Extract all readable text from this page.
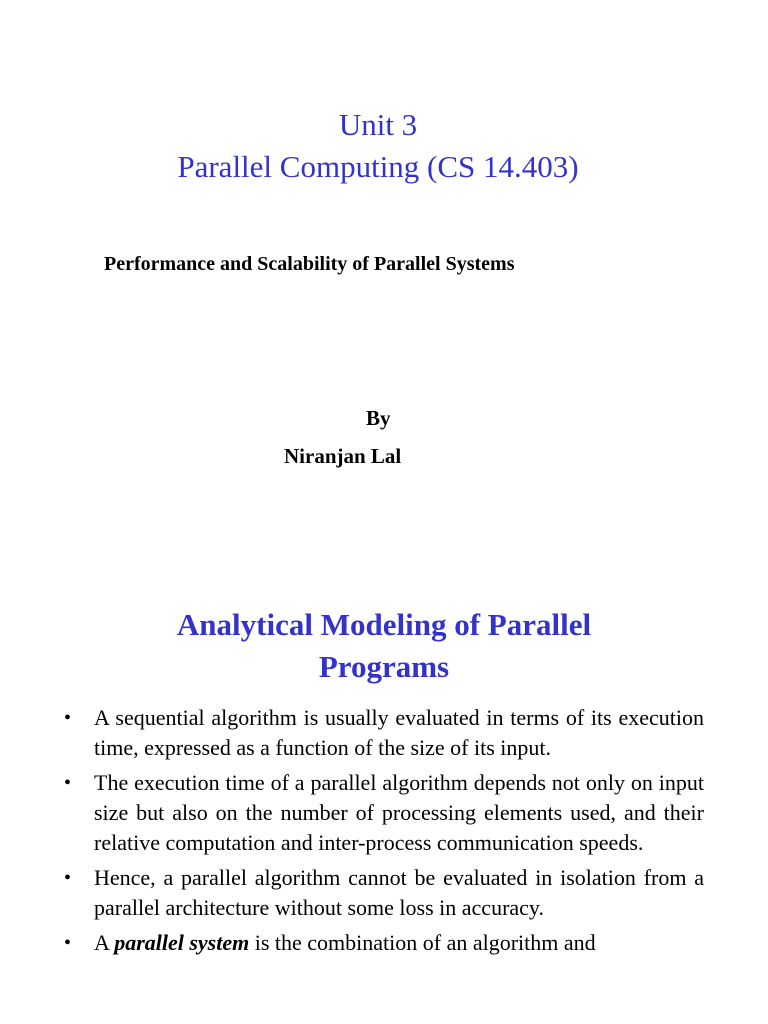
Unit 3
Parallel Computing (CS 14.403)
Performance and Scalability of Parallel Systems
By
Niranjan Lal
Analytical Modeling of Parallel
Programs
• A sequential algorithm is usually evaluated in terms of its execution time, expressed as a function of the size of its input.
• The execution time of a parallel algorithm depends not only on input size but also on the number of processing elements used, and their relative computation and inter-process communication speeds.
• Hence, a parallel algorithm cannot be evaluated in isolation from a parallel architecture without some loss in accuracy.
• A parallel system is the combination of an algorithm and
